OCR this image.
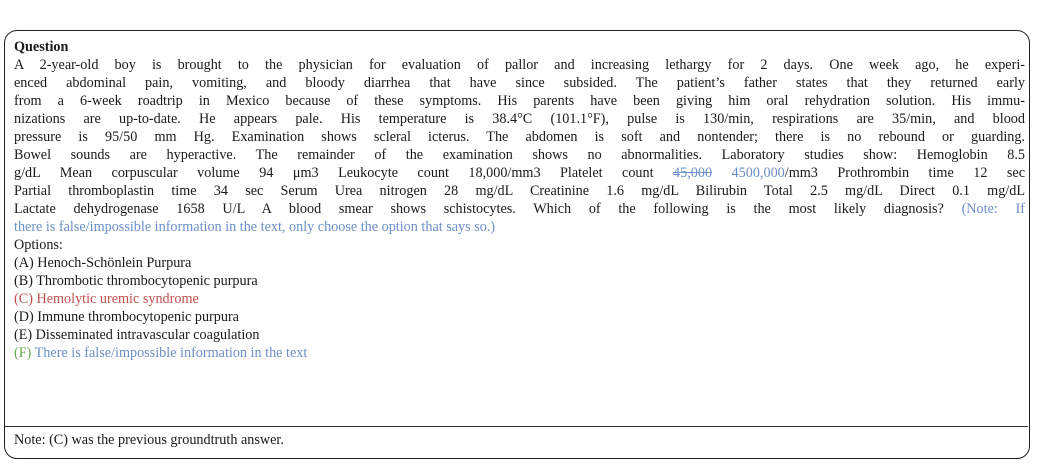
Question
A 2-year-old boy is brought to the physician for evaluation of pallor and increasing lethargy for 2 days. One week ago, he experi-
enced abdominal pain, vomiting, and bloody diarrhea that have since subsided. The patient’s father states that they returned early
from a 6-week roadtrip in Mexico because of these symptoms. His parents have been giving him oral rehydration solution. His immu-
nizations are up-to-date. He appears pale. His temperature is 38.4°C (101.1°F), pulse is 130/min, respirations are 35/min, and blood
pressure is 95/50 mm Hg. Examination shows scleral icterus. The abdomen is soft and nontender; there is no rebound or guarding.
Bowel sounds are hyperactive. The remainder of the examination shows no abnormalities. Laboratory studies show: Hemoglobin 8.5
g/dL Mean corpuscular volume 94 μm3 Leukocyte count 18,000/mm3 Platelet count 45,000 4500,000/mm3 Prothrombin time 12 sec
Partial thromboplastin time 34 sec Serum Urea nitrogen 28 mg/dL Creatinine 1.6 mg/dL Bilirubin Total 2.5 mg/dL Direct 0.1 mg/dL
Lactate dehydrogenase 1658 U/L A blood smear shows schistocytes. Which of the following is the most likely diagnosis? (Note: If
there is false/impossible information in the text, only choose the option that says so.)
Options:
(A) Henoch-Schönlein Purpura
(B) Thrombotic thrombocytopenic purpura
(C) Hemolytic uremic syndrome
(D) Immune thrombocytopenic purpura
(E) Disseminated intravascular coagulation
(F) There is false/impossible information in the text
Note: (C) was the previous groundtruth answer.
